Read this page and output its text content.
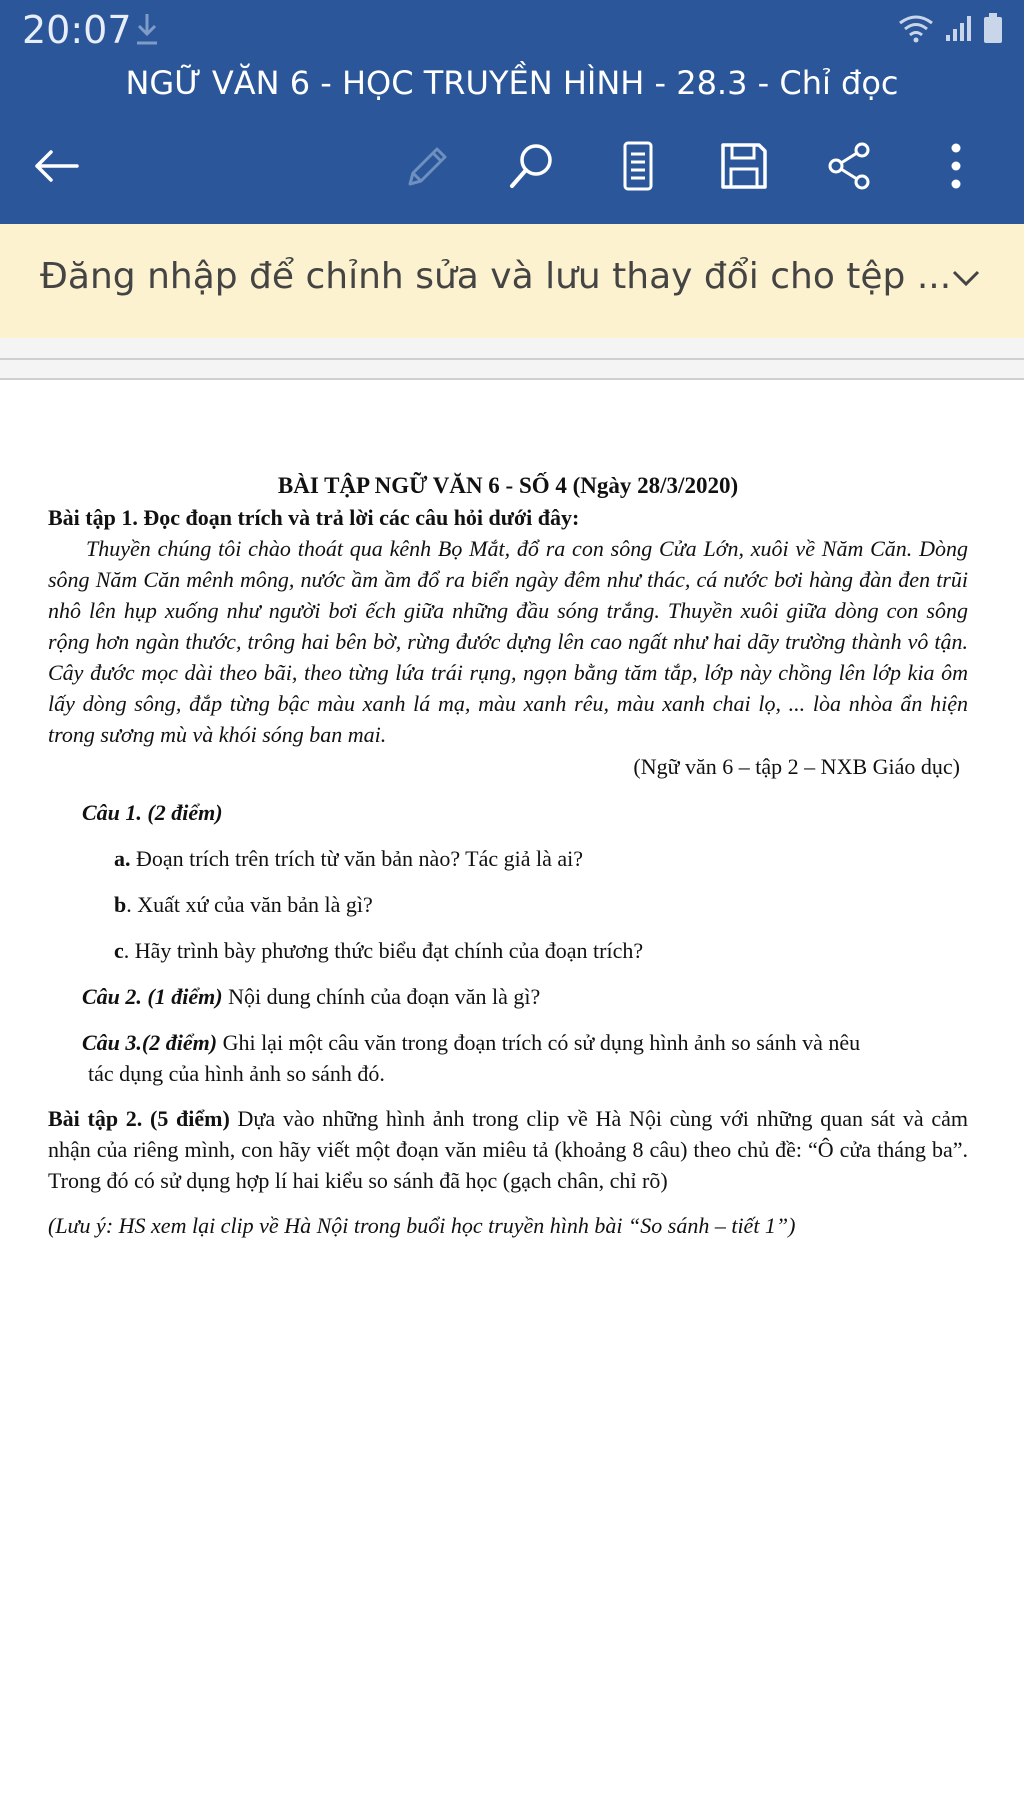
20:07
NGỮ VĂN 6 - HỌC TRUYỀN HÌNH - 28.3 - Chỉ đọc
Đăng nhập để chỉnh sửa và lưu thay đổi cho tệp ...
BÀI TẬP NGỮ VĂN 6 - SỐ 4 (Ngày 28/3/2020)
Bài tập 1. Đọc đoạn trích và trả lời các câu hỏi dưới đây:

Thuyền chúng tôi chào thoát qua kênh Bọ Mắt, đổ ra con sông Cửa Lớn, xuôi về Năm Căn. Dòng sông Năm Căn mênh mông, nước ầm ầm đổ ra biển ngày đêm như thác, cá nước bơi hàng đàn đen trũi nhô lên hụp xuống như người bơi ếch giữa những đầu sóng trắng. Thuyền xuôi giữa dòng con sông rộng hơn ngàn thước, trông hai bên bờ, rừng đước dựng lên cao ngất như hai dãy trường thành vô tận. Cây đước mọc dài theo bãi, theo từng lứa trái rụng, ngọn bằng tăm tắp, lớp này chồng lên lớp kia ôm lấy dòng sông, đắp từng bậc màu xanh lá mạ, màu xanh rêu, màu xanh chai lọ, ... lòa nhòa ẩn hiện trong sương mù và khói sóng ban mai.

(Ngữ văn 6 – tập 2 – NXB Giáo dục)
Câu 1. (2 điểm)
a. Đoạn trích trên trích từ văn bản nào? Tác giả là ai?
b. Xuất xứ của văn bản là gì?
c. Hãy trình bày phương thức biểu đạt chính của đoạn trích?
Câu 2. (1 điểm) Nội dung chính của đoạn văn là gì?
Câu 3.(2 điểm) Ghi lại một câu văn trong đoạn trích có sử dụng hình ảnh so sánh và nêu
tác dụng của hình ảnh so sánh đó.
Bài tập 2. (5 điểm) Dựa vào những hình ảnh trong clip về Hà Nội cùng với những quan sát và cảm nhận của riêng mình, con hãy viết một đoạn văn miêu tả (khoảng 8 câu) theo chủ đề: “Ô cửa tháng ba”. Trong đó có sử dụng hợp lí hai kiểu so sánh đã học (gạch chân, chỉ rõ)
(Lưu ý: HS xem lại clip về Hà Nội trong buổi học truyền hình bài “So sánh – tiết 1”)
